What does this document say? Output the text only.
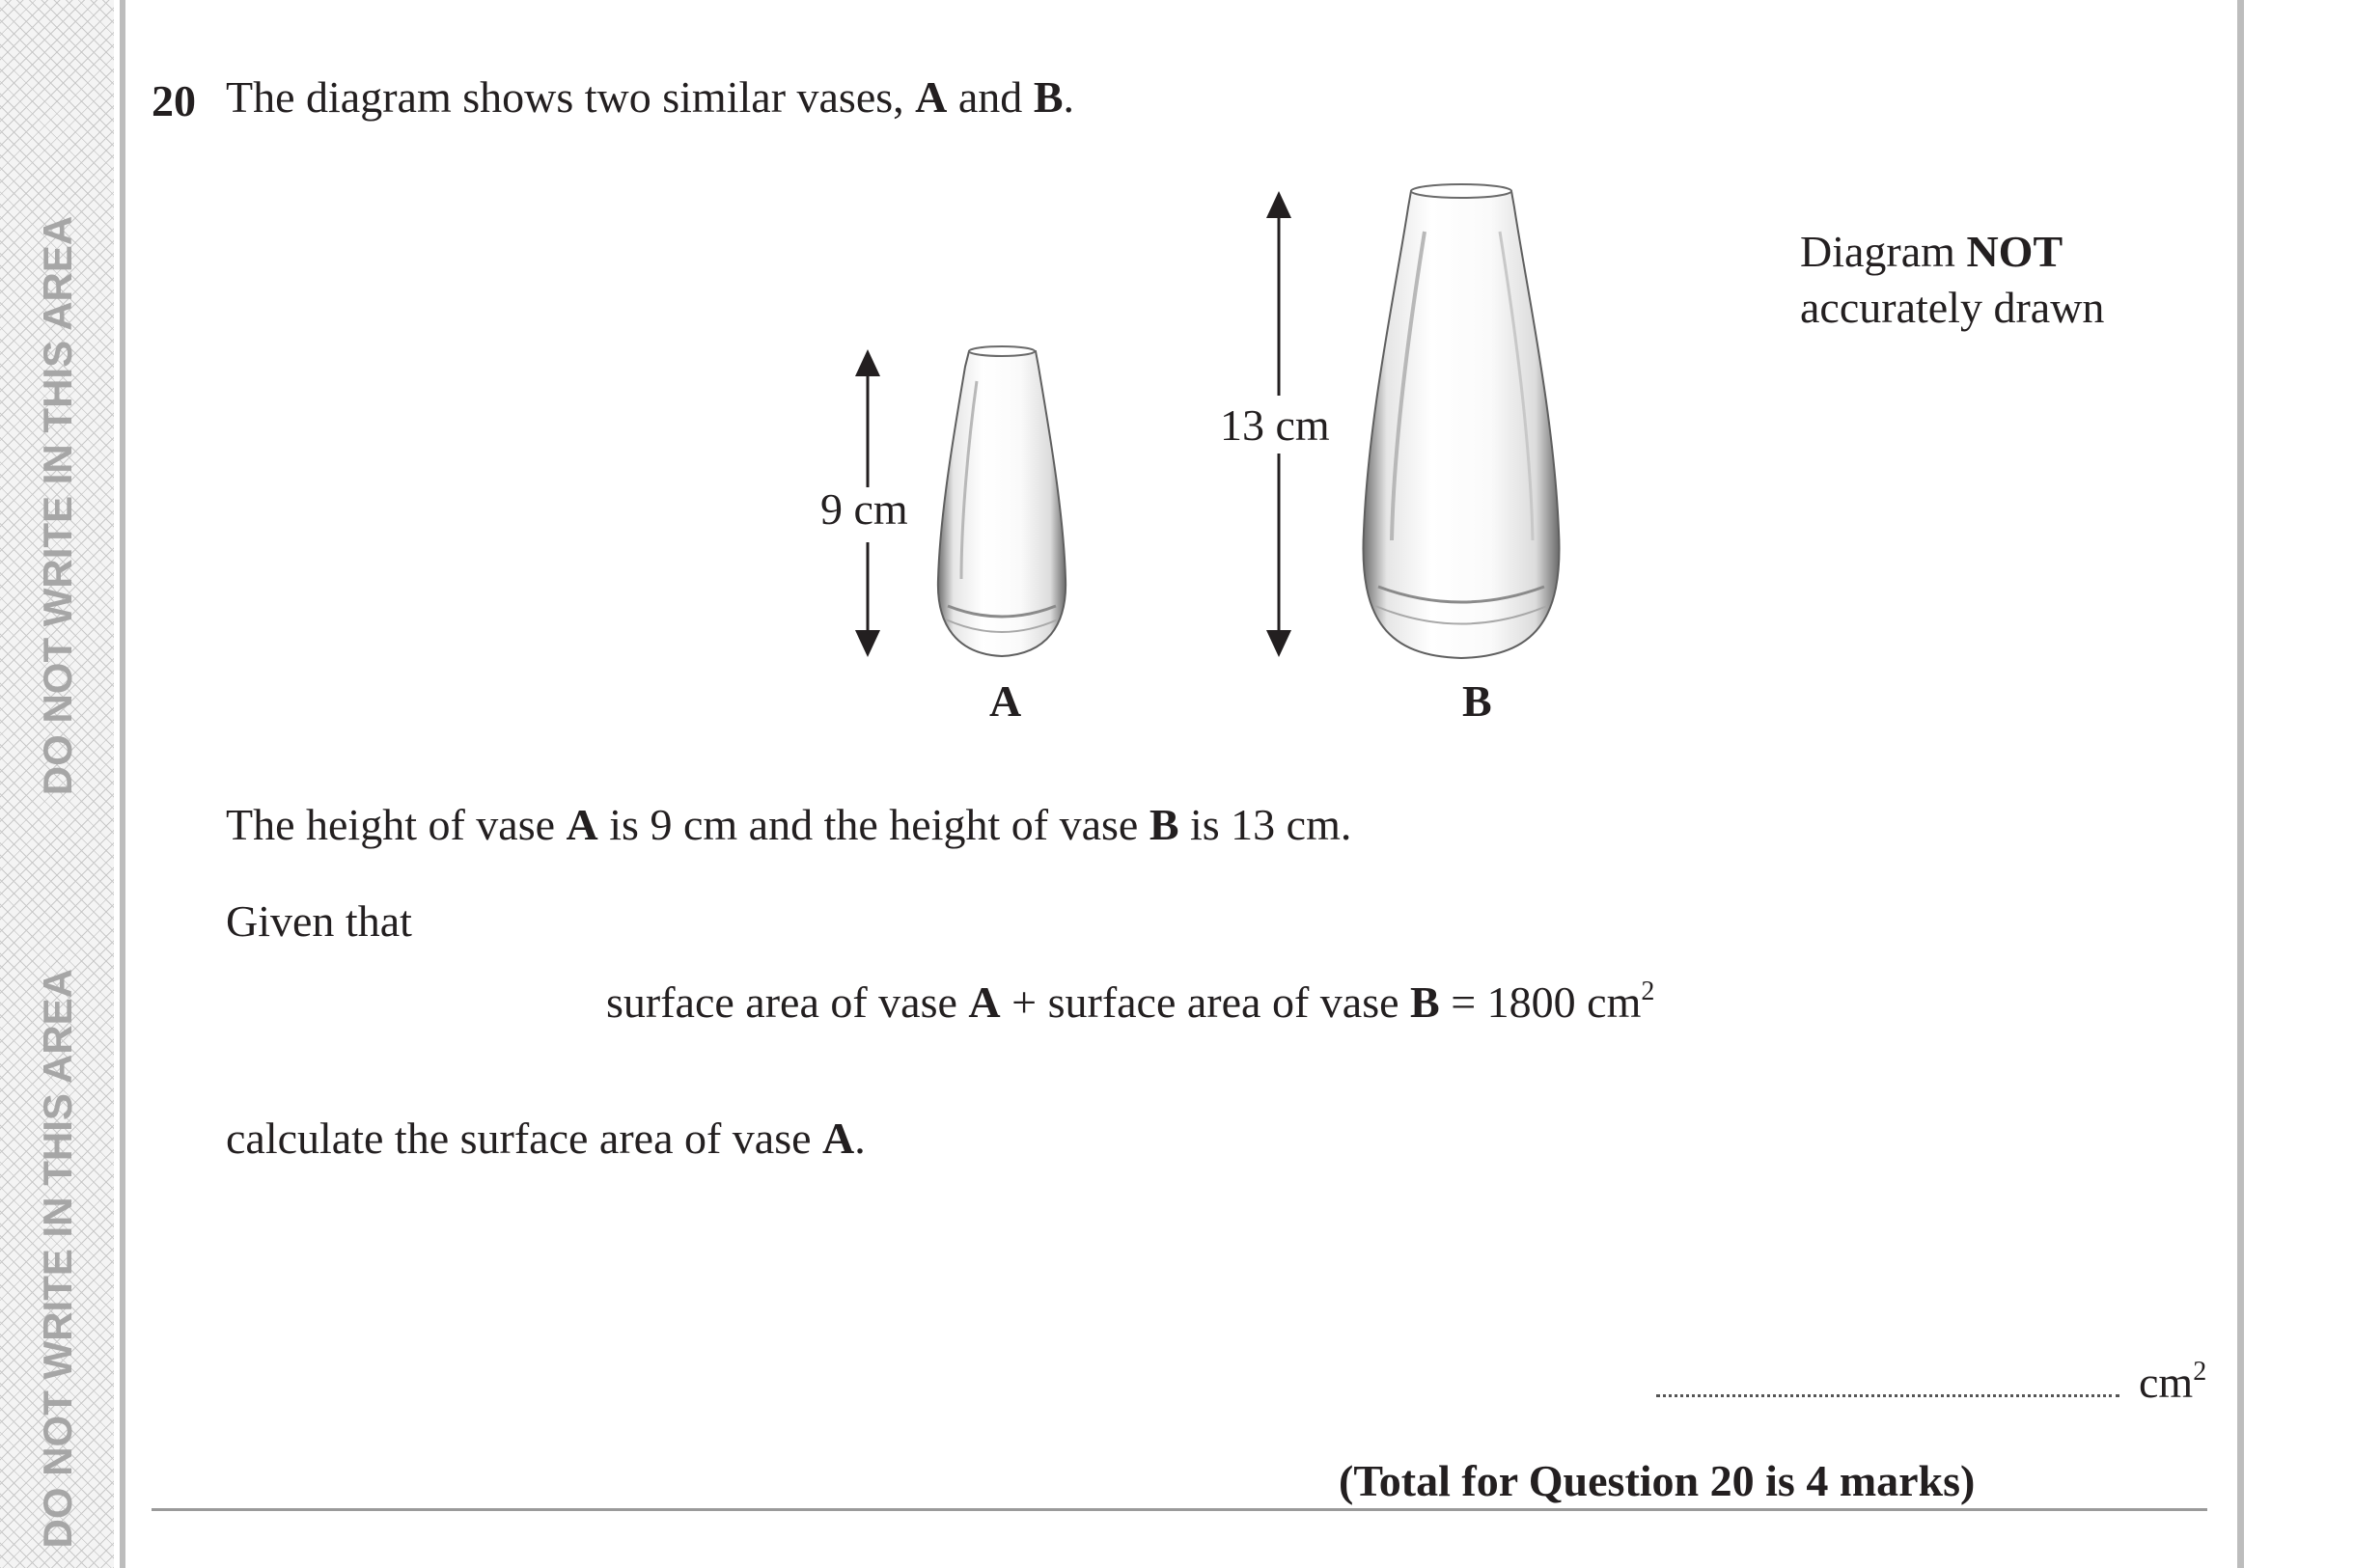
DO NOT WRITE IN THIS AREA
DO NOT WRITE IN THIS AREA
20 The diagram shows two similar vases, A and B.
9 cm
13 cm
A	B
Diagram NOT
accurately drawn
The height of vase A is 9 cm and the height of vase B is 13 cm.
Given that
surface area of vase A + surface area of vase B = 1800 $cm^2$
calculate the surface area of vase A.
$cm^2$
(Total for Question 20 is 4 marks)
